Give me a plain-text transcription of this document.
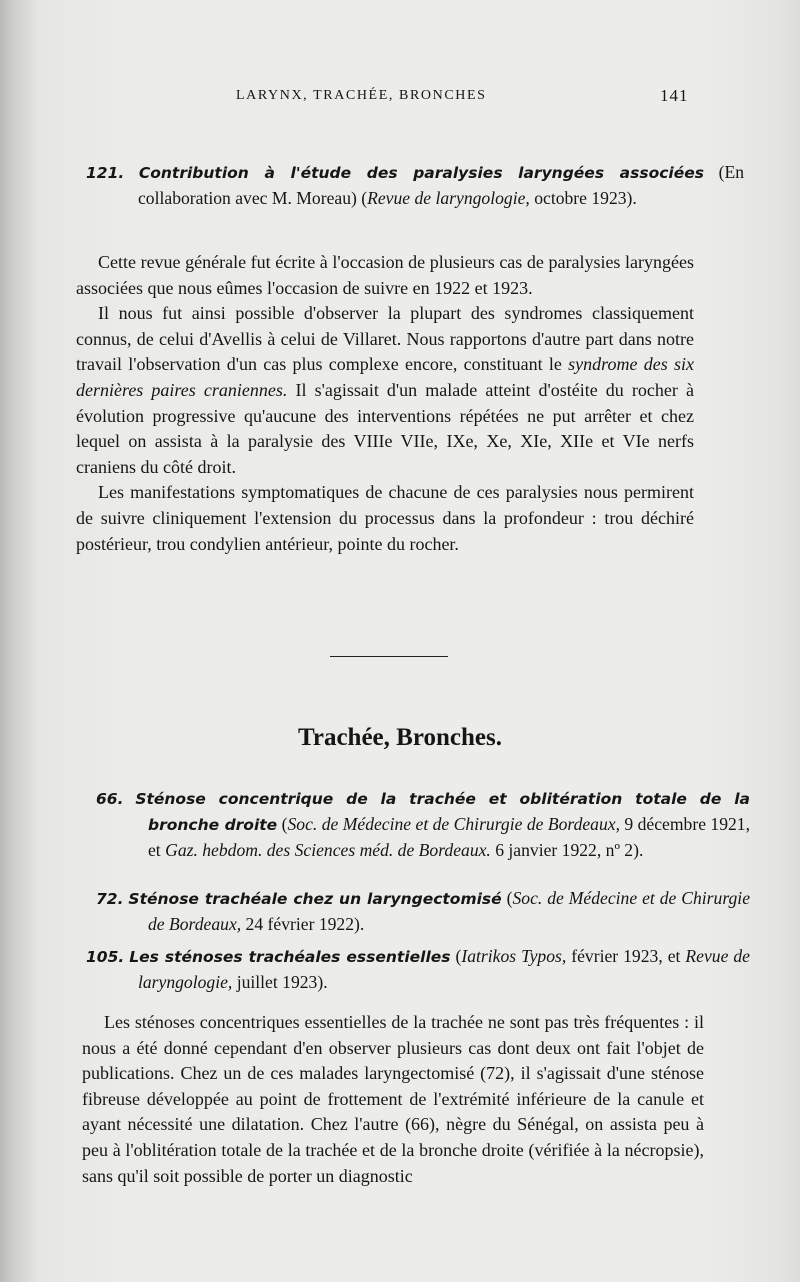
LARYNX, TRACHÉE, BRONCHES	141
121. Contribution à l'étude des paralysies laryngées associées (En collaboration avec M. Moreau) (Revue de laryngologie, octobre 1923).

Cette revue générale fut écrite à l'occasion de plusieurs cas de paralysies laryngées associées que nous eûmes l'occasion de suivre en 1922 et 1923.

Il nous fut ainsi possible d'observer la plupart des syndromes classiquement connus, de celui d'Avellis à celui de Villaret. Nous rapportons d'autre part dans notre travail l'observation d'un cas plus complexe encore, constituant le syndrome des six dernières paires craniennes. Il s'agissait d'un malade atteint d'ostéite du rocher à évolution progressive qu'aucune des interventions répétées ne put arrêter et chez lequel on assista à la paralysie des VIIIe VIIe, IXe, Xe, XIe, XIIe et VIe nerfs craniens du côté droit.

Les manifestations symptomatiques de chacune de ces paralysies nous permirent de suivre cliniquement l'extension du processus dans la profondeur : trou déchiré postérieur, trou condylien antérieur, pointe du rocher.

Trachée, Bronches.
66. Sténose concentrique de la trachée et oblitération totale de la bronche droite (Soc. de Médecine et de Chirurgie de Bordeaux, 9 décembre 1921, et Gaz. hebdom. des Sciences méd. de Bordeaux. 6 janvier 1922, nº 2).
72. Sténose trachéale chez un laryngectomisé (Soc. de Médecine et de Chirurgie de Bordeaux, 24 février 1922).
105. Les sténoses trachéales essentielles (Iatrikos Typos, février 1923, et Revue de laryngologie, juillet 1923).

Les sténoses concentriques essentielles de la trachée ne sont pas très fréquentes : il nous a été donné cependant d'en observer plusieurs cas dont deux ont fait l'objet de publications. Chez un de ces malades laryngectomisé (72), il s'agissait d'une sténose fibreuse développée au point de frottement de l'extrémité inférieure de la canule et ayant nécessité une dilatation. Chez l'autre (66), nègre du Sénégal, on assista peu à peu à l'oblitération totale de la trachée et de la bronche droite (vérifiée à la nécropsie), sans qu'il soit possible de porter un diagnostic
